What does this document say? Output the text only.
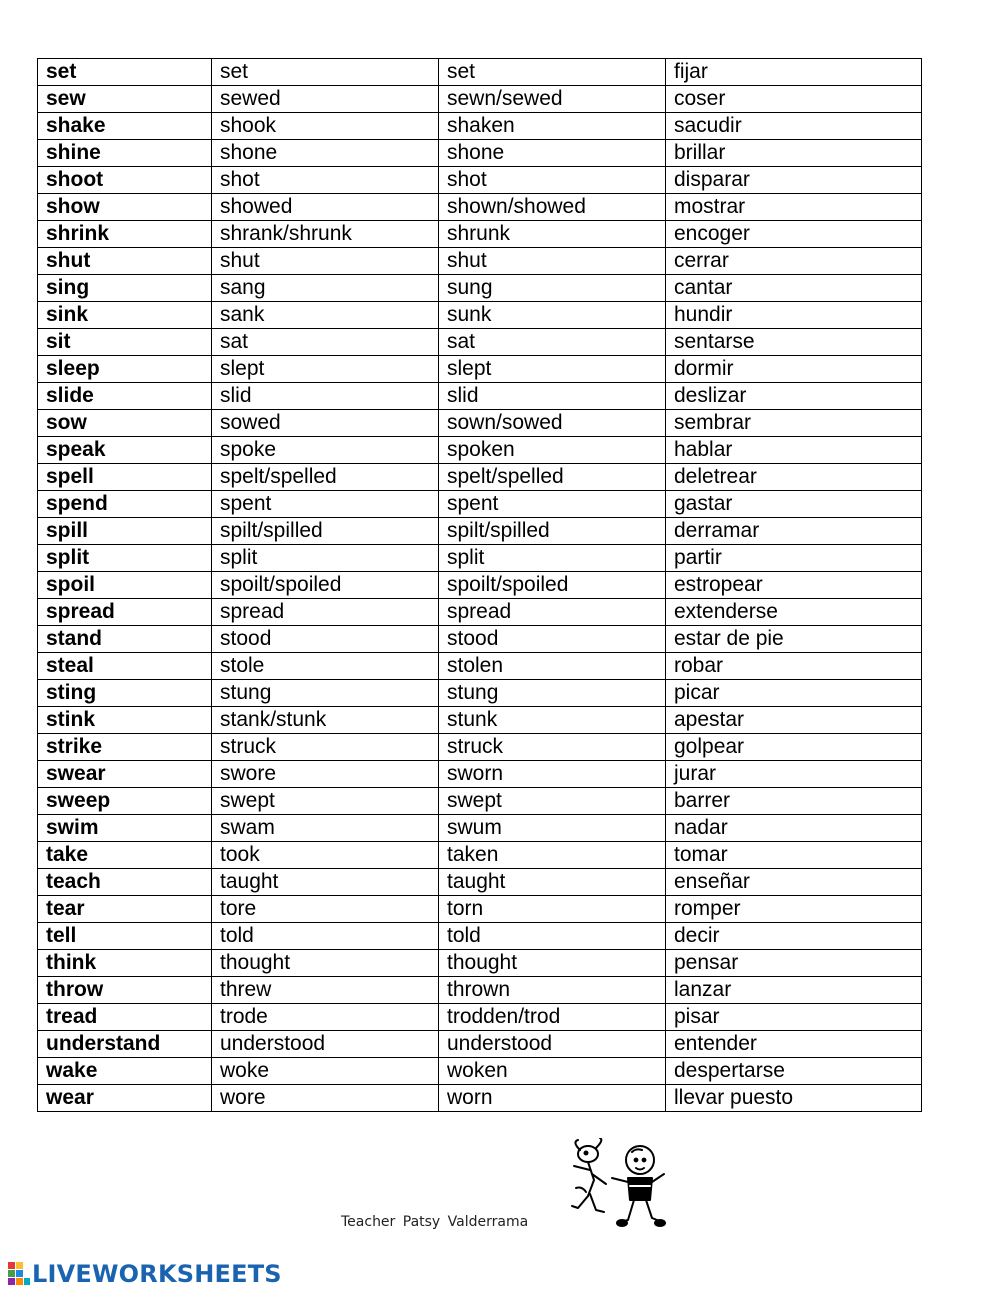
set	set	set	fijar
sew	sewed	sewn/sewed	coser
shake	shook	shaken	sacudir
shine	shone	shone	brillar
shoot	shot	shot	disparar
show	showed	shown/showed	mostrar
shrink	shrank/shrunk	shrunk	encoger
shut	shut	shut	cerrar
sing	sang	sung	cantar
sink	sank	sunk	hundir
sit	sat	sat	sentarse
sleep	slept	slept	dormir
slide	slid	slid	deslizar
sow	sowed	sown/sowed	sembrar
speak	spoke	spoken	hablar
spell	spelt/spelled	spelt/spelled	deletrear
spend	spent	spent	gastar
spill	spilt/spilled	spilt/spilled	derramar
split	split	split	partir
spoil	spoilt/spoiled	spoilt/spoiled	estropear
spread	spread	spread	extenderse
stand	stood	stood	estar de pie
steal	stole	stolen	robar
sting	stung	stung	picar
stink	stank/stunk	stunk	apestar
strike	struck	struck	golpear
swear	swore	sworn	jurar
sweep	swept	swept	barrer
swim	swam	swum	nadar
take	took	taken	tomar
teach	taught	taught	enseñar
tear	tore	torn	romper
tell	told	told	decir
think	thought	thought	pensar
throw	threw	thrown	lanzar
tread	trode	trodden/trod	pisar
understand	understood	understood	entender
wake	woke	woken	despertarse
wear	wore	worn	llevar puesto
Teacher Patsy Valderrama
LIVEWORKSHEETS
